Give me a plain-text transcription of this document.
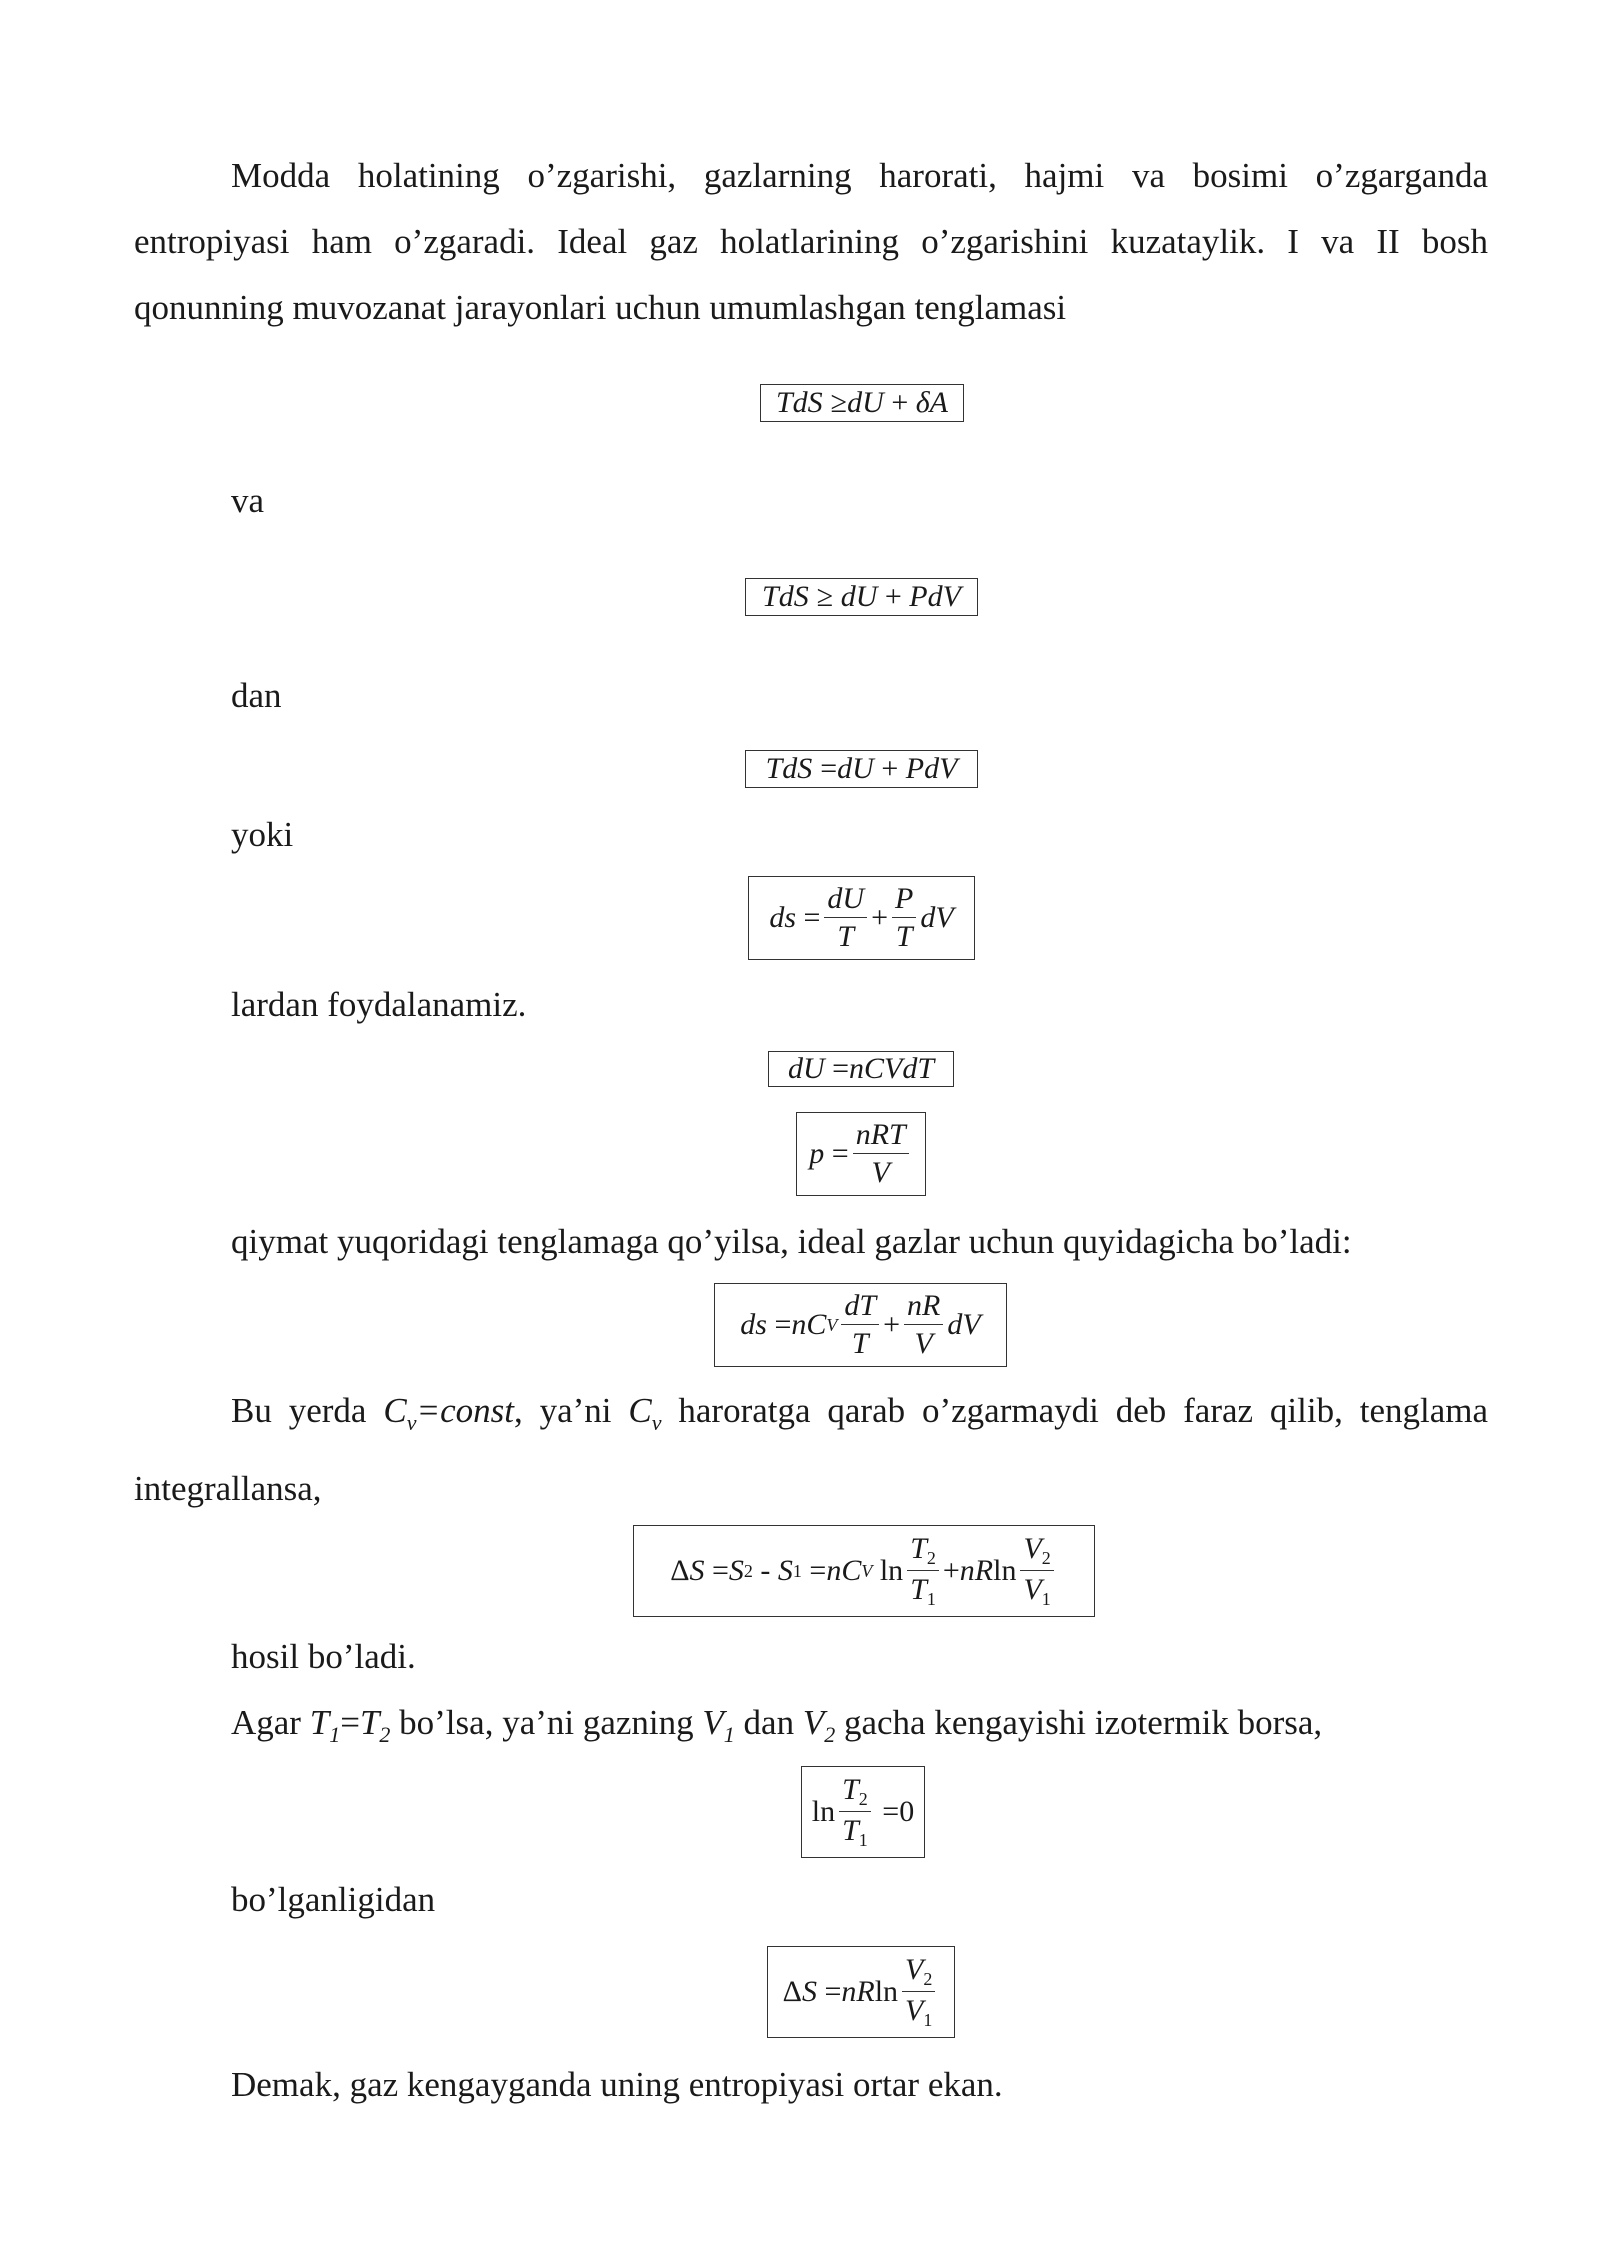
Modda holatining o’zgarishi, gazlarning harorati, hajmi va bosimi o’zgarganda entropiyasi ham o’zgaradi. Ideal gaz holatlarining o’zgarishini kuzataylik. I va II bosh qonunning muvozanat jarayonlari uchun umumlashgan tenglamasi

TdS ≥ dU + δA

va

TdS ≥ dU + PdV

dan

TdS = dU + PdV

yoki

ds = $\frac{dU}{T} + \frac{P}{T}$ dV

lardan foydalanamiz.

dU = nCVdT
$p = \frac{\text{nRT}}{V}$

qiymat yuqoridagi tenglamaga qo’yilsa, ideal gazlar uchun quyidagicha bo’ladi:

ds = nC V $\frac{dT}{T} + \frac{nR}{V}$ dV

Bu yerda $C_v=const$, ya’ni $C_v$ haroratga qarab o’zgarmaydi deb faraz qilib, tenglama integrallansa,

Δ S = S 2 - S 1 = nC V $\ln \frac{T_2}{T_1}$ + nR $\ln \frac{V_2}{V_1}$

hosil bo’ladi.

Agar $T_1=T_2$ bo’lsa, ya’ni gazning $V_1$ dan $V_2$ gacha kengayishi izotermik borsa,

$\ln \frac{T_2}{T_1} =0$

bo’lganligidan

Δ S = nR $\ln \frac{V_2}{V_1}$

Demak, gaz kengayganda uning entropiyasi ortar ekan.
